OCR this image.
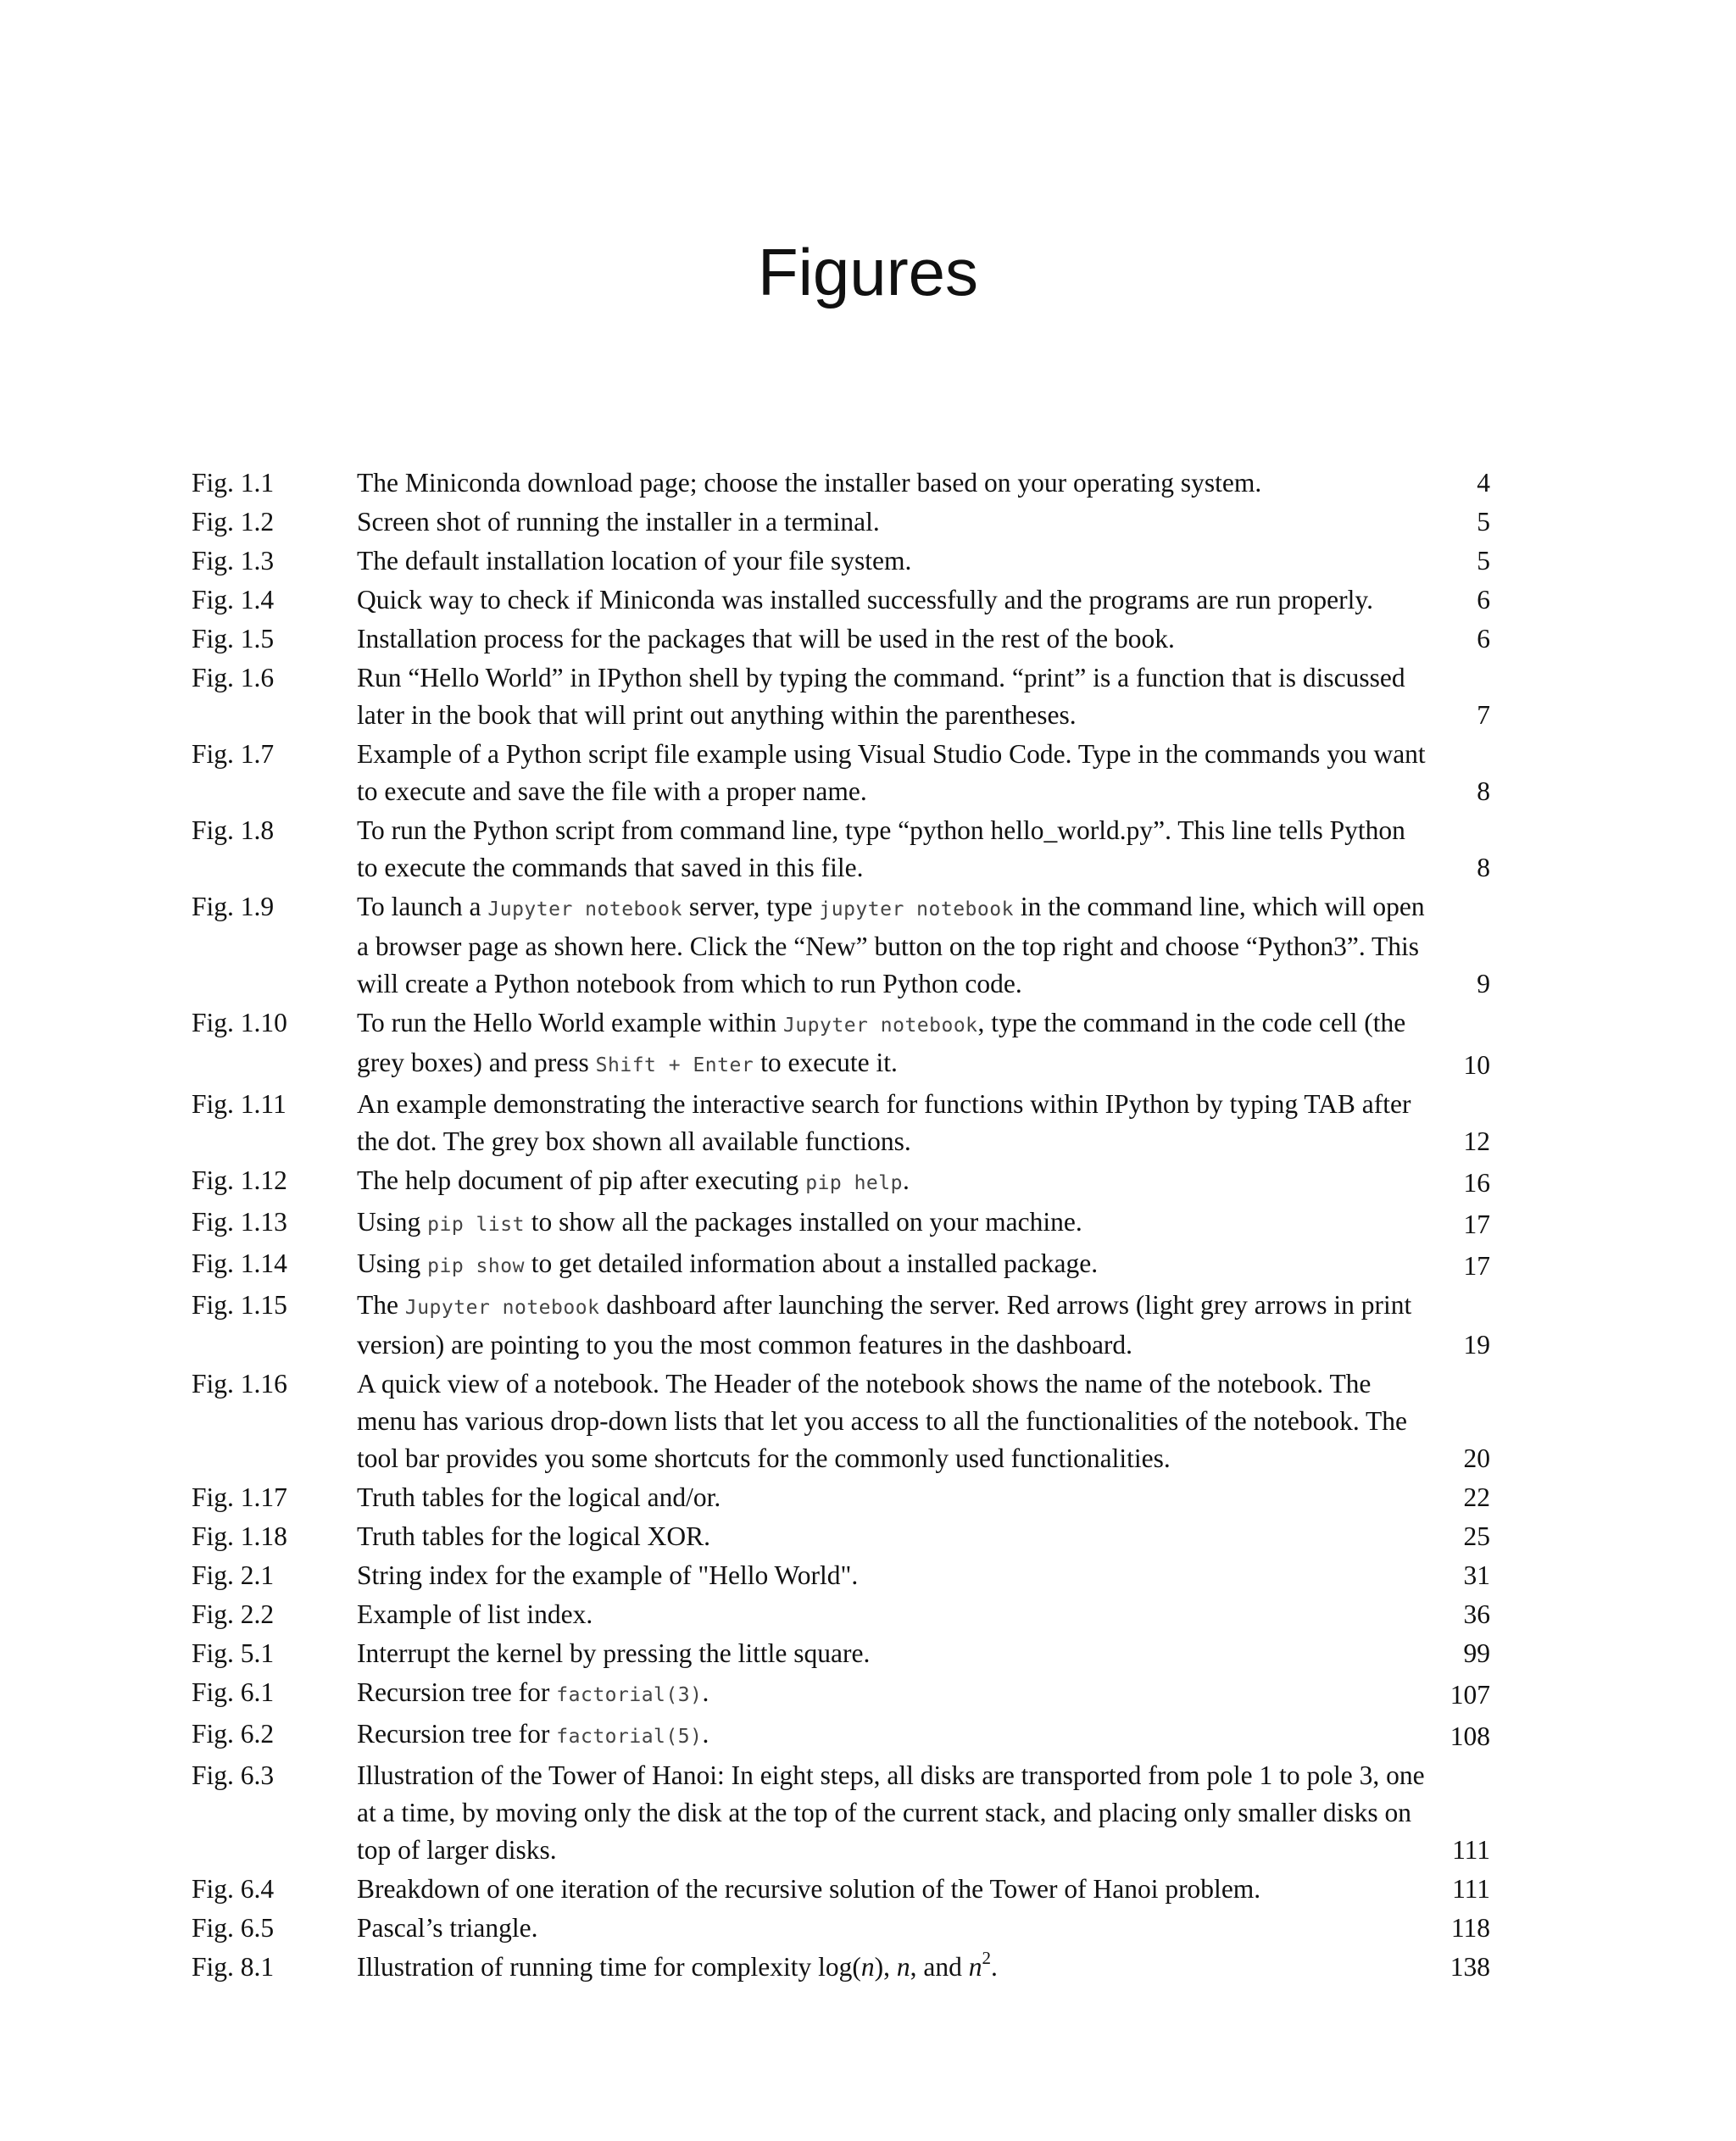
Figures
Fig. 1.1	The Miniconda download page; choose the installer based on your operating system.	4
Fig. 1.2	Screen shot of running the installer in a terminal.	5
Fig. 1.3	The default installation location of your file system.	5
Fig. 1.4	Quick way to check if Miniconda was installed successfully and the programs are run properly.	6
Fig. 1.5	Installation process for the packages that will be used in the rest of the book.	6
Fig. 1.6	Run “Hello World” in IPython shell by typing the command. “print” is a function that is discussed later in the book that will print out anything within the parentheses.	7
Fig. 1.7	Example of a Python script file example using Visual Studio Code. Type in the commands you want to execute and save the file with a proper name.	8
Fig. 1.8	To run the Python script from command line, type “python hello_world.py”. This line tells Python to execute the commands that saved in this file.	8
Fig. 1.9	To launch a Jupyter notebook server, type jupyter notebook in the command line, which will open a browser page as shown here. Click the “New” button on the top right and choose “Python3”. This will create a Python notebook from which to run Python code.	9
Fig. 1.10	To run the Hello World example within Jupyter notebook, type the command in the code cell (the grey boxes) and press Shift + Enter to execute it.	10
Fig. 1.11	An example demonstrating the interactive search for functions within IPython by typing TAB after the dot. The grey box shown all available functions.	12
Fig. 1.12	The help document of pip after executing pip help.	16
Fig. 1.13	Using pip list to show all the packages installed on your machine.	17
Fig. 1.14	Using pip show to get detailed information about a installed package.	17
Fig. 1.15	The Jupyter notebook dashboard after launching the server. Red arrows (light grey arrows in print version) are pointing to you the most common features in the dashboard.	19
Fig. 1.16	A quick view of a notebook. The Header of the notebook shows the name of the notebook. The menu has various drop-down lists that let you access to all the functionalities of the notebook. The tool bar provides you some shortcuts for the commonly used functionalities.	20
Fig. 1.17	Truth tables for the logical and/or.	22
Fig. 1.18	Truth tables for the logical XOR.	25
Fig. 2.1	String index for the example of "Hello World".	31
Fig. 2.2	Example of list index.	36
Fig. 5.1	Interrupt the kernel by pressing the little square.	99
Fig. 6.1	Recursion tree for factorial(3).	107
Fig. 6.2	Recursion tree for factorial(5).	108
Fig. 6.3	Illustration of the Tower of Hanoi: In eight steps, all disks are transported from pole 1 to pole 3, one at a time, by moving only the disk at the top of the current stack, and placing only smaller disks on top of larger disks.	111
Fig. 6.4	Breakdown of one iteration of the recursive solution of the Tower of Hanoi problem.	111
Fig. 6.5	Pascal’s triangle.	118
Fig. 8.1	Illustration of running time for complexity log(n), n, and $n^2$.	138
